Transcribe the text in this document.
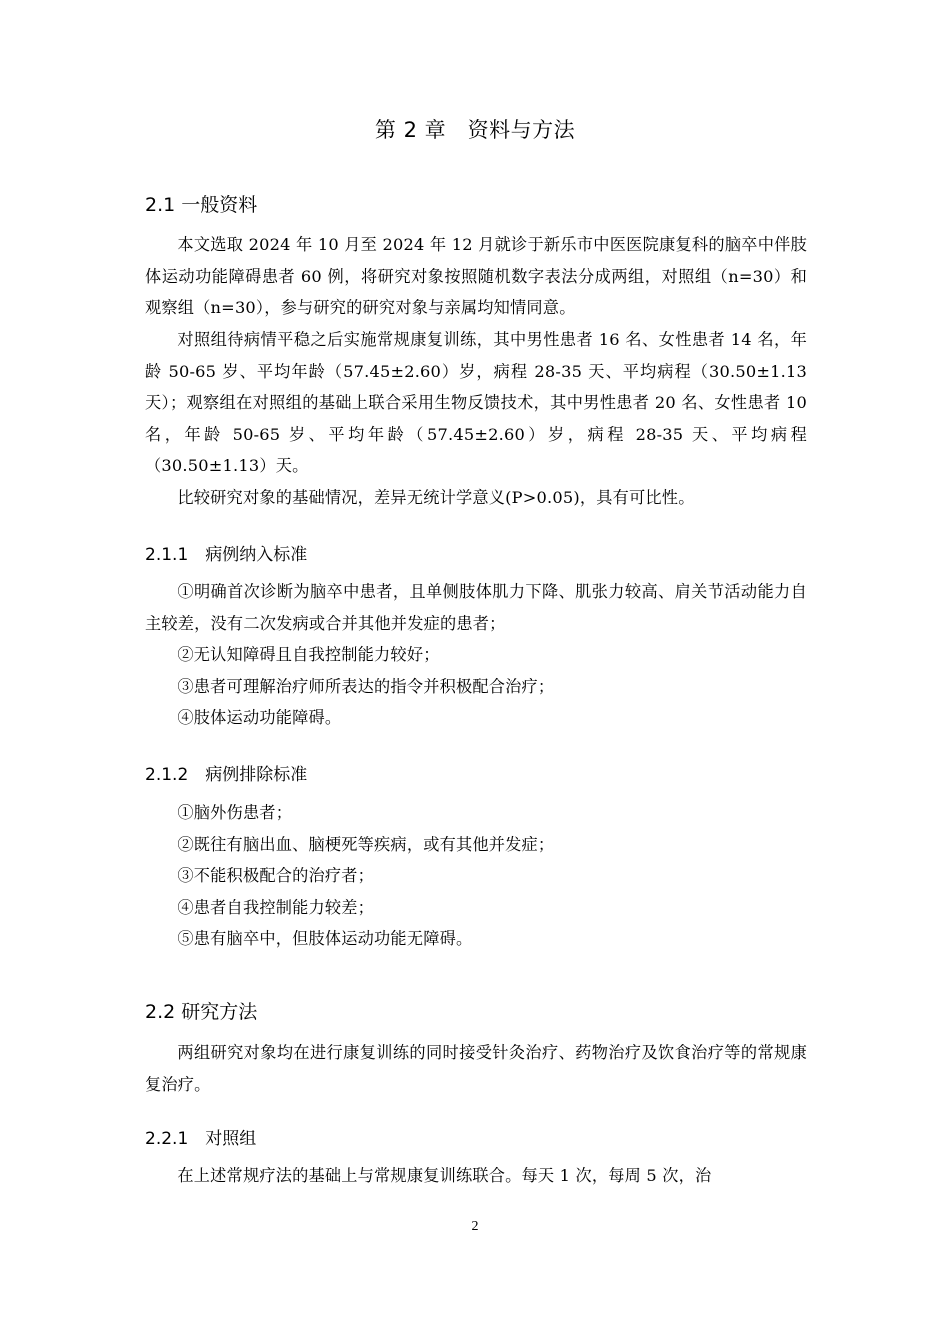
第 2 章　资料与方法
2.1 一般资料

本文选取 2024 年 10 月至 2024 年 12 月就诊于新乐市中医医院康复科的脑卒中伴肢体运动功能障碍患者 60 例，将研究对象按照随机数字表法分成两组，对照组（n=30）和观察组（n=30），参与研究的研究对象与亲属均知情同意。

对照组待病情平稳之后实施常规康复训练，其中男性患者 16 名、女性患者 14 名，年龄 50-65 岁、平均年龄（57.45±2.60）岁，病程 28-35 天、平均病程（30.50±1.13 天）；观察组在对照组的基础上联合采用生物反馈技术，其中男性患者 20 名、女性患者 10 名，年龄 50-65 岁、平均年龄（57.45±2.60）岁，病程 28-35 天、平均病程（30.50±1.13）天。

比较研究对象的基础情况，差异无统计学意义(P>0.05)，具有可比性。

2.1.1　病例纳入标准
①明确首次诊断为脑卒中患者，且单侧肢体肌力下降、肌张力较高、肩关节活动能力自主较差，没有二次发病或合并其他并发症的患者；
②无认知障碍且自我控制能力较好；
③患者可理解治疗师所表达的指令并积极配合治疗；
④肢体运动功能障碍。
2.1.2　病例排除标准
①脑外伤患者；
②既往有脑出血、脑梗死等疾病，或有其他并发症；
③不能积极配合的治疗者；
④患者自我控制能力较差；
⑤患有脑卒中，但肢体运动功能无障碍。
2.2 研究方法

两组研究对象均在进行康复训练的同时接受针灸治疗、药物治疗及饮食治疗等的常规康复治疗。

2.2.1　对照组

在上述常规疗法的基础上与常规康复训练联合。每天 1 次，每周 5 次，治

2
